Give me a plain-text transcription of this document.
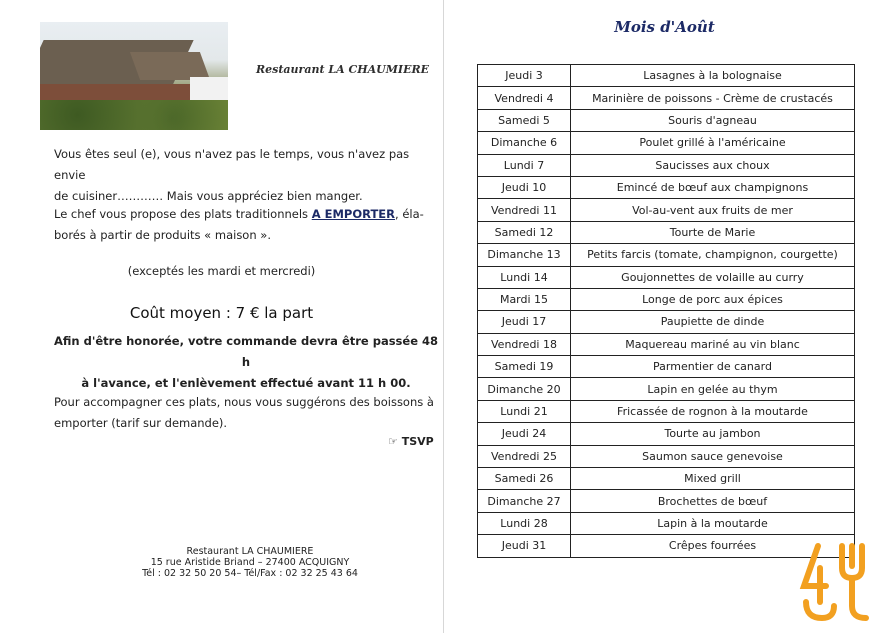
Restaurant LA CHAUMIERE
Vous êtes seul (e), vous n'avez pas le temps, vous n'avez pas envie
de cuisiner………… Mais vous appréciez bien manger.
Le chef vous propose des plats traditionnels A EMPORTER, éla-
borés à partir de produits « maison ».
(exceptés les mardi et mercredi)
Coût moyen : 7 € la part
Afin d'être honorée, votre commande devra être passée 48 h
à l'avance, et l'enlèvement effectué avant 11 h 00.
Pour accompagner ces plats, nous vous suggérons des boissons à
emporter (tarif sur demande).
☞ TSVP
Restaurant LA CHAUMIERE
15 rue Aristide Briand – 27400 ACQUIGNY
Tél : 02 32 50 20 54– Tél/Fax : 02 32 25 43 64
Mois d'Août
Jeudi 3	Lasagnes à la bolognaise
Vendredi 4	Marinière de poissons - Crème de crustacés
Samedi 5	Souris d'agneau
Dimanche 6	Poulet grillé à l'américaine
Lundi 7	Saucisses aux choux
Jeudi 10	Emincé de bœuf aux champignons
Vendredi 11	Vol-au-vent aux fruits de mer
Samedi 12	Tourte de Marie
Dimanche 13	Petits farcis (tomate, champignon, courgette)
Lundi 14	Goujonnettes de volaille au curry
Mardi 15	Longe de porc aux épices
Jeudi 17	Paupiette de dinde
Vendredi 18	Maquereau mariné au vin blanc
Samedi 19	Parmentier de canard
Dimanche 20	Lapin en gelée au thym
Lundi 21	Fricassée de rognon à la moutarde
Jeudi 24	Tourte au jambon
Vendredi 25	Saumon sauce genevoise
Samedi 26	Mixed grill
Dimanche 27	Brochettes de bœuf
Lundi 28	Lapin à la moutarde
Jeudi 31	Crêpes fourrées
